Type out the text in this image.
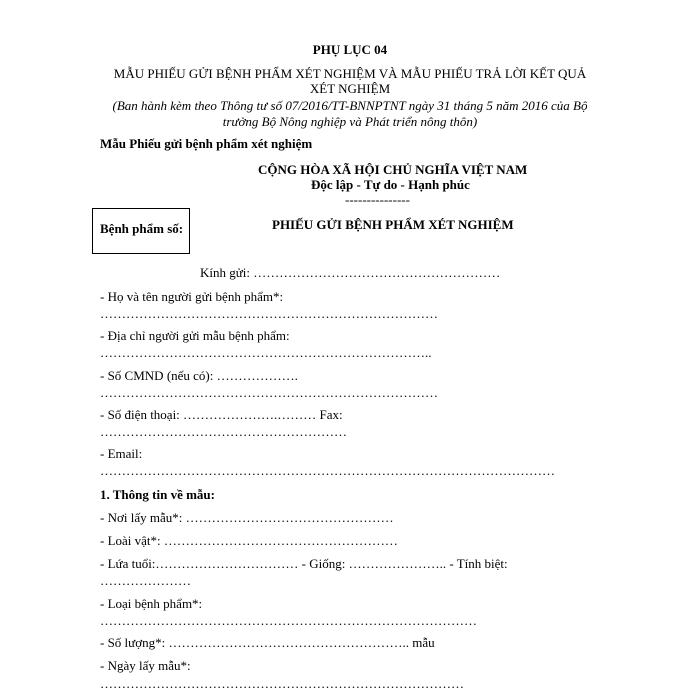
PHỤ LỤC 04
MẪU PHIẾU GỬI BỆNH PHẨM XÉT NGHIỆM VÀ MẪU PHIẾU TRẢ LỜI KẾT QUẢ
XÉT NGHIỆM
(Ban hành kèm theo Thông tư số 07/2016/TT-BNNPTNT ngày 31 tháng 5 năm 2016 của Bộ
trưởng Bộ Nông nghiệp và Phát triển nông thôn)
Mẫu Phiếu gửi bệnh phẩm xét nghiệm
CỘNG HÒA XÃ HỘI CHỦ NGHĨA VIỆT NAM
Độc lập - Tự do - Hạnh phúc
---------------
Bệnh phẩm số:	PHIẾU GỬI BỆNH PHẨM XÉT NGHIỆM
Kính gửi: …………………………………………………
- Họ và tên người gửi bệnh phẩm*:
……………………………………………………………………
- Địa chỉ người gửi mẫu bệnh phẩm:
…………………………………………………………………..
- Số CMND (nếu có): ……………….
……………………………………………………………………
- Số điện thoại: ………………….……… Fax:
…………………………………………………
- Email:
……………………………………………………………………………………………
1. Thông tin về mẫu:
- Nơi lấy mẫu*: …………………………………………
- Loài vật*: ………………………………………………
- Lứa tuổi:…………………………… - Giống: ………………….. - Tính biệt:
…………………
- Loại bệnh phẩm*:
……………………………………………………………………………
- Số lượng*: ……………………………………………….. mẫu
- Ngày lấy mẫu*:
…………………………………………………………………………
